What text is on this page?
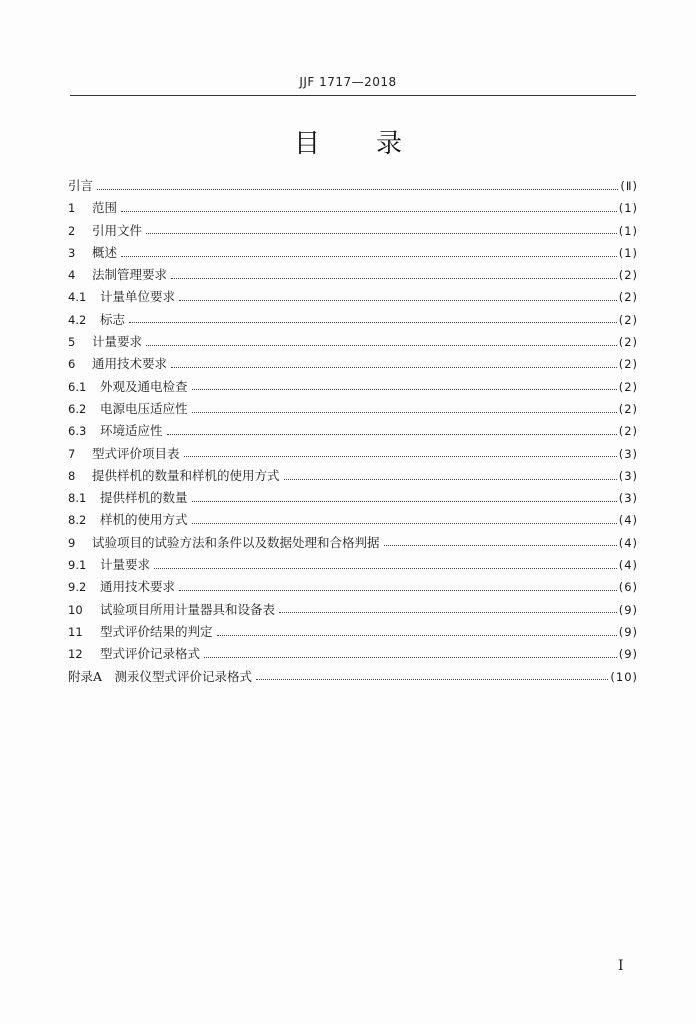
JJF 1717—2018
目录
引言	(Ⅱ)
1	范围	(1)
2	引用文件	(1)
3	概述	(1)
4	法制管理要求	(2)
4.1	计量单位要求	(2)
4.2	标志	(2)
5	计量要求	(2)
6	通用技术要求	(2)
6.1	外观及通电检查	(2)
6.2	电源电压适应性	(2)
6.3	环境适应性	(2)
7	型式评价项目表	(3)
8	提供样机的数量和样机的使用方式	(3)
8.1	提供样机的数量	(3)
8.2	样机的使用方式	(4)
9	试验项目的试验方法和条件以及数据处理和合格判据	(4)
9.1	计量要求	(4)
9.2	通用技术要求	(6)
10	试验项目所用计量器具和设备表	(9)
11	型式评价结果的判定	(9)
12	型式评价记录格式	(9)
附录A　测汞仪型式评价记录格式	(10)
I
